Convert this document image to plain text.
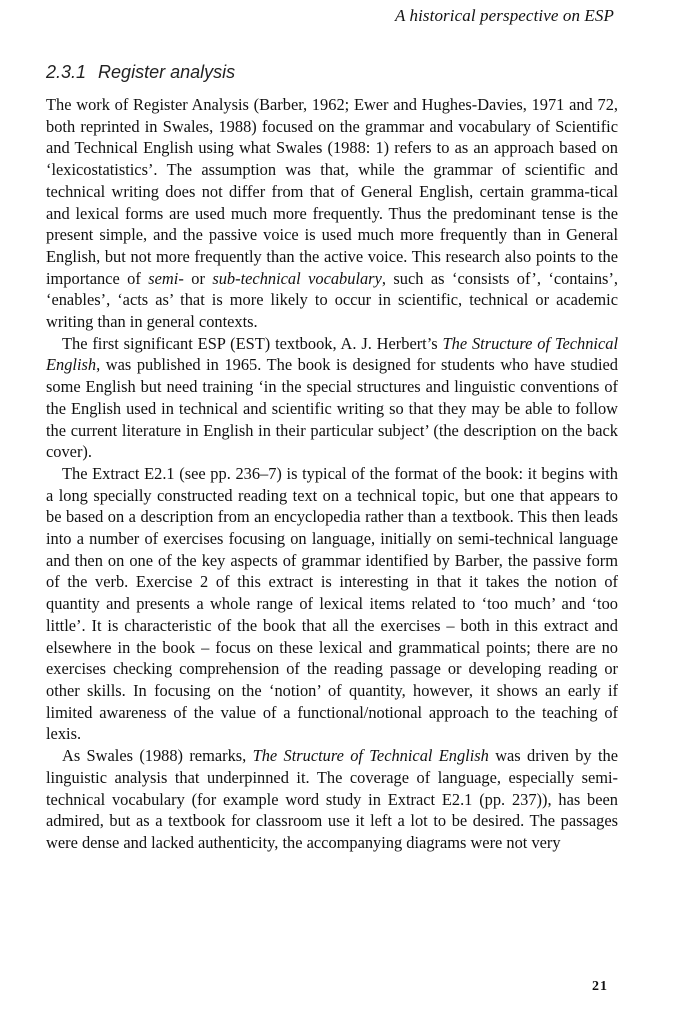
A historical perspective on ESP
2.3.1 Register analysis

The work of Register Analysis (Barber, 1962; Ewer and Hughes-Davies, 1971 and 72, both reprinted in Swales, 1988) focused on the grammar and vocabulary of Scientific and Technical English using what Swales (1988: 1) refers to as an approach based on ‘lexicostatistics’. The assumption was that, while the grammar of scientific and technical writing does not differ from that of General English, certain gramma-tical and lexical forms are used much more frequently. Thus the predominant tense is the present simple, and the passive voice is used much more frequently than in General English, but not more frequently than the active voice. This research also points to the importance of semi- or sub-technical vocabulary, such as ‘consists of’, ‘contains’, ‘enables’, ‘acts as’ that is more likely to occur in scientific, technical or academic writing than in general contexts.

The first significant ESP (EST) textbook, A. J. Herbert’s The Structure of Technical English, was published in 1965. The book is designed for students who have studied some English but need training ‘in the special structures and linguistic conventions of the English used in technical and scientific writing so that they may be able to follow the current literature in English in their particular subject’ (the description on the back cover).

The Extract E2.1 (see pp. 236–7) is typical of the format of the book: it begins with a long specially constructed reading text on a technical topic, but one that appears to be based on a description from an encyclopedia rather than a textbook. This then leads into a number of exercises focusing on language, initially on semi-technical language and then on one of the key aspects of grammar identified by Barber, the passive form of the verb. Exercise 2 of this extract is interesting in that it takes the notion of quantity and presents a whole range of lexical items related to ‘too much’ and ‘too little’. It is characteristic of the book that all the exercises – both in this extract and elsewhere in the book – focus on these lexical and grammatical points; there are no exercises checking comprehension of the reading passage or developing reading or other skills. In focusing on the ‘notion’ of quantity, however, it shows an early if limited awareness of the value of a functional/notional approach to the teaching of lexis.

As Swales (1988) remarks, The Structure of Technical English was driven by the linguistic analysis that underpinned it. The coverage of language, especially semi-technical vocabulary (for example word study in Extract E2.1 (pp. 237)), has been admired, but as a textbook for classroom use it left a lot to be desired. The passages were dense and lacked authenticity, the accompanying diagrams were not very

21
